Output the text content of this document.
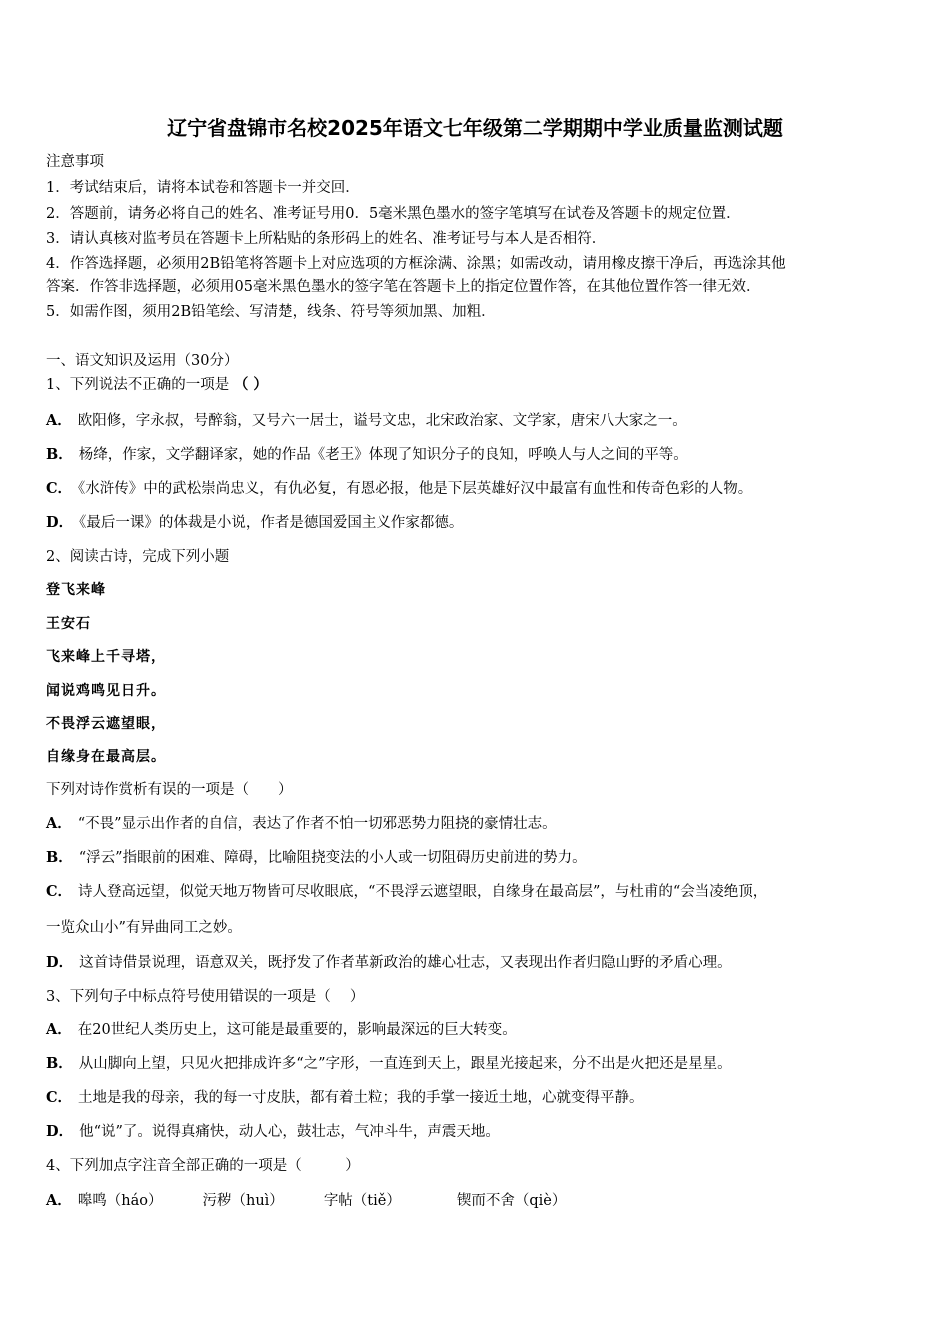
辽宁省盘锦市名校2025年语文七年级第二学期期中学业质量监测试题
注意事项
1．考试结束后，请将本试卷和答题卡一并交回．
2．答题前，请务必将自己的姓名、准考证号用0．5毫米黑色墨水的签字笔填写在试卷及答题卡的规定位置．
3．请认真核对监考员在答题卡上所粘贴的条形码上的姓名、准考证号与本人是否相符．
4．作答选择题，必须用2B铅笔将答题卡上对应选项的方框涂满、涂黑；如需改动，请用橡皮擦干净后，再选涂其他
答案．作答非选择题，必须用05毫米黑色墨水的签字笔在答题卡上的指定位置作答，在其他位置作答一律无效．
5．如需作图，须用2B铅笔绘、写清楚，线条、符号等须加黑、加粗．
一、语文知识及运用（30分）
1、下列说法不正确的一项是 （ ）
A． 欧阳修，字永叔，号醉翁，又号六一居士，谥号文忠，北宋政治家、文学家，唐宋八大家之一。
B． 杨绛，作家，文学翻译家，她的作品《老王》体现了知识分子的良知，呼唤人与人之间的平等。
C． 《水浒传》中的武松崇尚忠义，有仇必复，有恩必报，他是下层英雄好汉中最富有血性和传奇色彩的人物。
D． 《最后一课》的体裁是小说，作者是德国爱国主义作家都德。
2、阅读古诗，完成下列小题
登飞来峰
王安石
飞来峰上千寻塔，
闻说鸡鸣见日升。
不畏浮云遮望眼，
自缘身在最高层。
下列对诗作赏析有误的一项是（　　）
A． “不畏”显示出作者的自信，表达了作者不怕一切邪恶势力阻挠的豪情壮志。
B． “浮云”指眼前的困难、障碍，比喻阻挠变法的小人或一切阻碍历史前进的势力。
C． 诗人登高远望，似觉天地万物皆可尽收眼底，“不畏浮云遮望眼，自缘身在最高层”，与杜甫的“会当凌绝顶，
一览众山小”有异曲同工之妙。
D． 这首诗借景说理，语意双关，既抒发了作者革新政治的雄心壮志，又表现出作者归隐山野的矛盾心理。
3、下列句子中标点符号使用错误的一项是（　 ）
A． 在20世纪人类历史上，这可能是最重要的，影响最深远的巨大转变。
B． 从山脚向上望，只见火把排成许多“之”字形，一直连到天上，跟星光接起来，分不出是火把还是星星。
C． 土地是我的母亲，我的每一寸皮肤，都有着土粒；我的手掌一接近土地，心就变得平静。
D． 他“说”了。说得真痛快，动人心，鼓壮志，气冲斗牛，声震天地。
4、下列加点字注音全部正确的一项是（　　　）
A． 嗥鸣（háo）	污秽（huì）	字帖（tiě）	锲而不舍（qiè）
